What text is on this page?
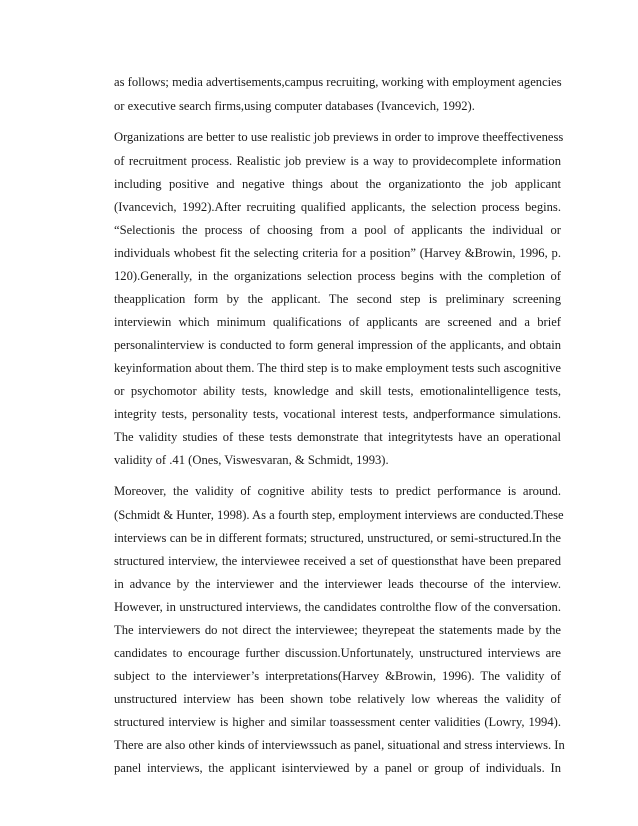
as follows; media advertisements,campus recruiting, working with employment agencies
or executive search firms,using computer databases (Ivancevich, 1992).
Organizations are better to use realistic job previews in order to improve theeffectiveness
of recruitment process. Realistic job preview is a way to providecomplete information
including positive and negative things about the organizationto the job applicant
(Ivancevich, 1992).After recruiting qualified applicants, the selection process begins.
“Selectionis the process of choosing from a pool of applicants the individual or
individuals whobest fit the selecting criteria for a position” (Harvey &Browin, 1996, p.
120).Generally, in the organizations selection process begins with the completion of
theapplication form by the applicant. The second step is preliminary screening
interviewin which minimum qualifications of applicants are screened and a brief
personalinterview is conducted to form general impression of the applicants, and obtain
keyinformation about them. The third step is to make employment tests such ascognitive
or psychomotor ability tests, knowledge and skill tests, emotionalintelligence tests,
integrity tests, personality tests, vocational interest tests, andperformance simulations.
The validity studies of these tests demonstrate that integritytests have an operational
validity of .41 (Ones, Viswesvaran, & Schmidt, 1993).
Moreover, the validity of cognitive ability tests to predict performance is around.
(Schmidt & Hunter, 1998). As a fourth step, employment interviews are conducted.These
interviews can be in different formats; structured, unstructured, or semi-structured.In the
structured interview, the interviewee received a set of questionsthat have been prepared
in advance by the interviewer and the interviewer leads thecourse of the interview.
However, in unstructured interviews, the candidates controlthe flow of the conversation.
The interviewers do not direct the interviewee; theyrepeat the statements made by the
candidates to encourage further discussion.Unfortunately, unstructured interviews are
subject to the interviewer’s interpretations(Harvey &Browin, 1996). The validity of
unstructured interview has been shown tobe relatively low whereas the validity of
structured interview is higher and similar toassessment center validities (Lowry, 1994).
There are also other kinds of interviewssuch as panel, situational and stress interviews. In
panel interviews, the applicant isinterviewed by a panel or group of individuals. In
